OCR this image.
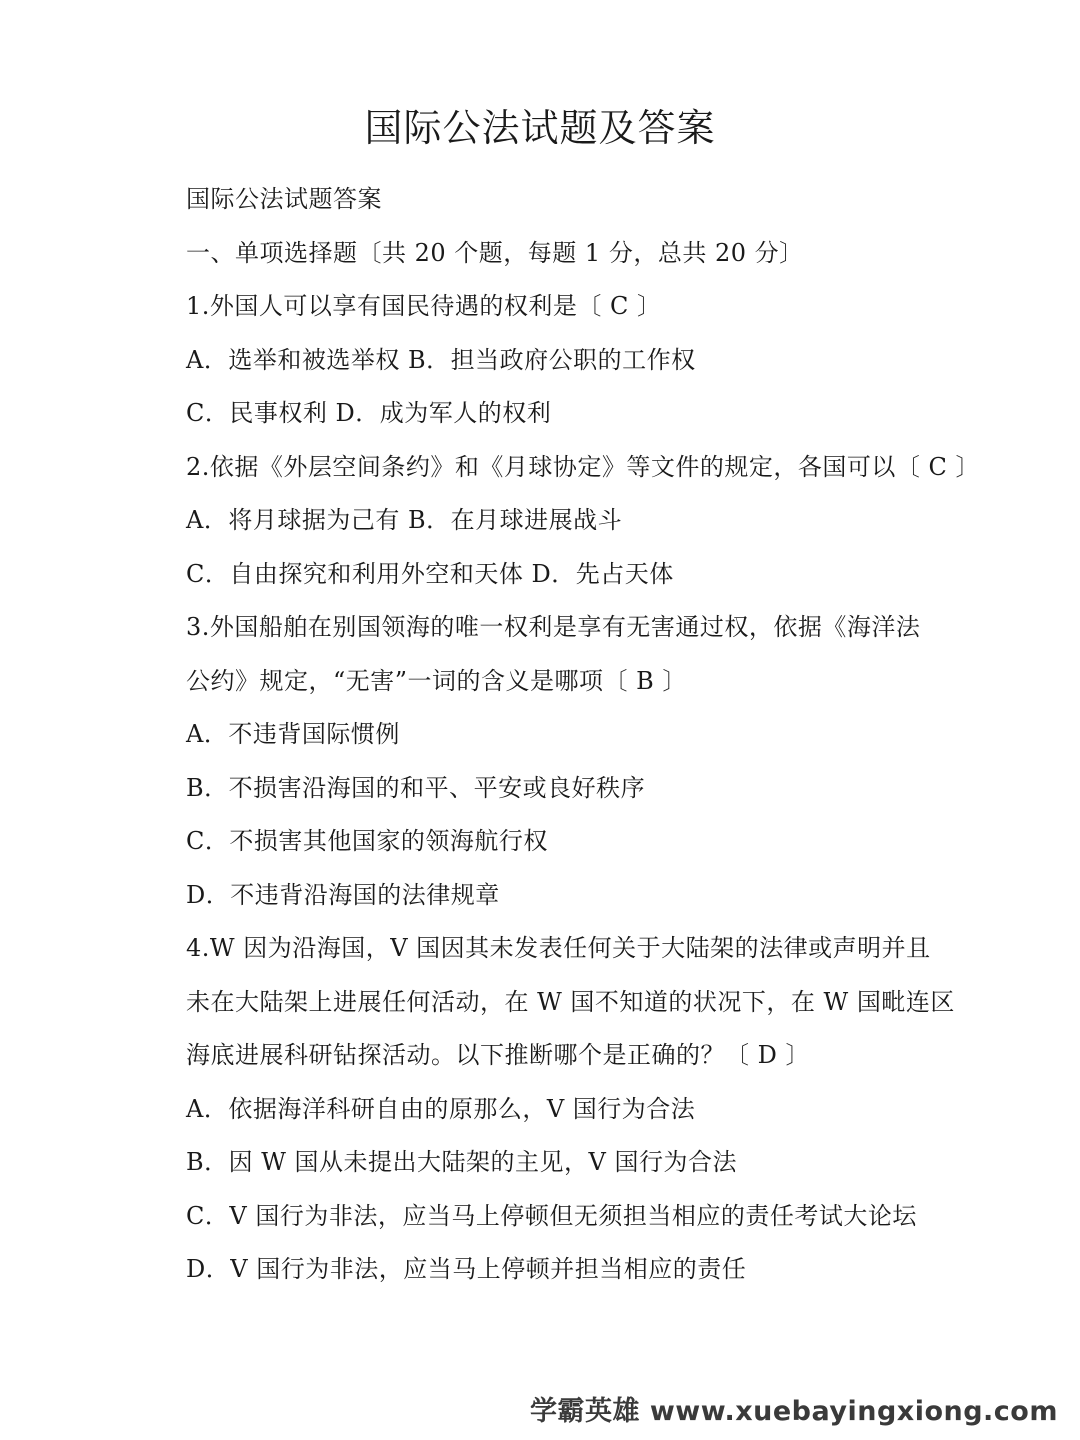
国际公法试题及答案
国际公法试题答案
一、单项选择题〔共 20 个题，每题 1 分，总共 20 分〕
1.外国人可以享有国民待遇的权利是〔 C 〕
A．选举和被选举权 B．担当政府公职的工作权
C．民事权利 D．成为军人的权利
2.依据《外层空间条约》和《月球协定》等文件的规定，各国可以〔 C 〕
A．将月球据为己有 B．在月球进展战斗
C．自由探究和利用外空和天体 D．先占天体
3.外国船舶在别国领海的唯一权利是享有无害通过权，依据《海洋法
公约》规定，“无害”一词的含义是哪项〔 B 〕
A．不违背国际惯例
B．不损害沿海国的和平、平安或良好秩序
C．不损害其他国家的领海航行权
D．不违背沿海国的法律规章
4.W 因为沿海国，V 国因其未发表任何关于大陆架的法律或声明并且
未在大陆架上进展任何活动，在 W 国不知道的状况下，在 W 国毗连区
海底进展科研钻探活动。以下推断哪个是正确的？〔 D 〕
A．依据海洋科研自由的原那么，V 国行为合法
B．因 W 国从未提出大陆架的主见，V 国行为合法
C．V 国行为非法，应当马上停顿但无须担当相应的责任考试大论坛
D．V 国行为非法，应当马上停顿并担当相应的责任
学霸英雄 www.xuebayingxiong.com
